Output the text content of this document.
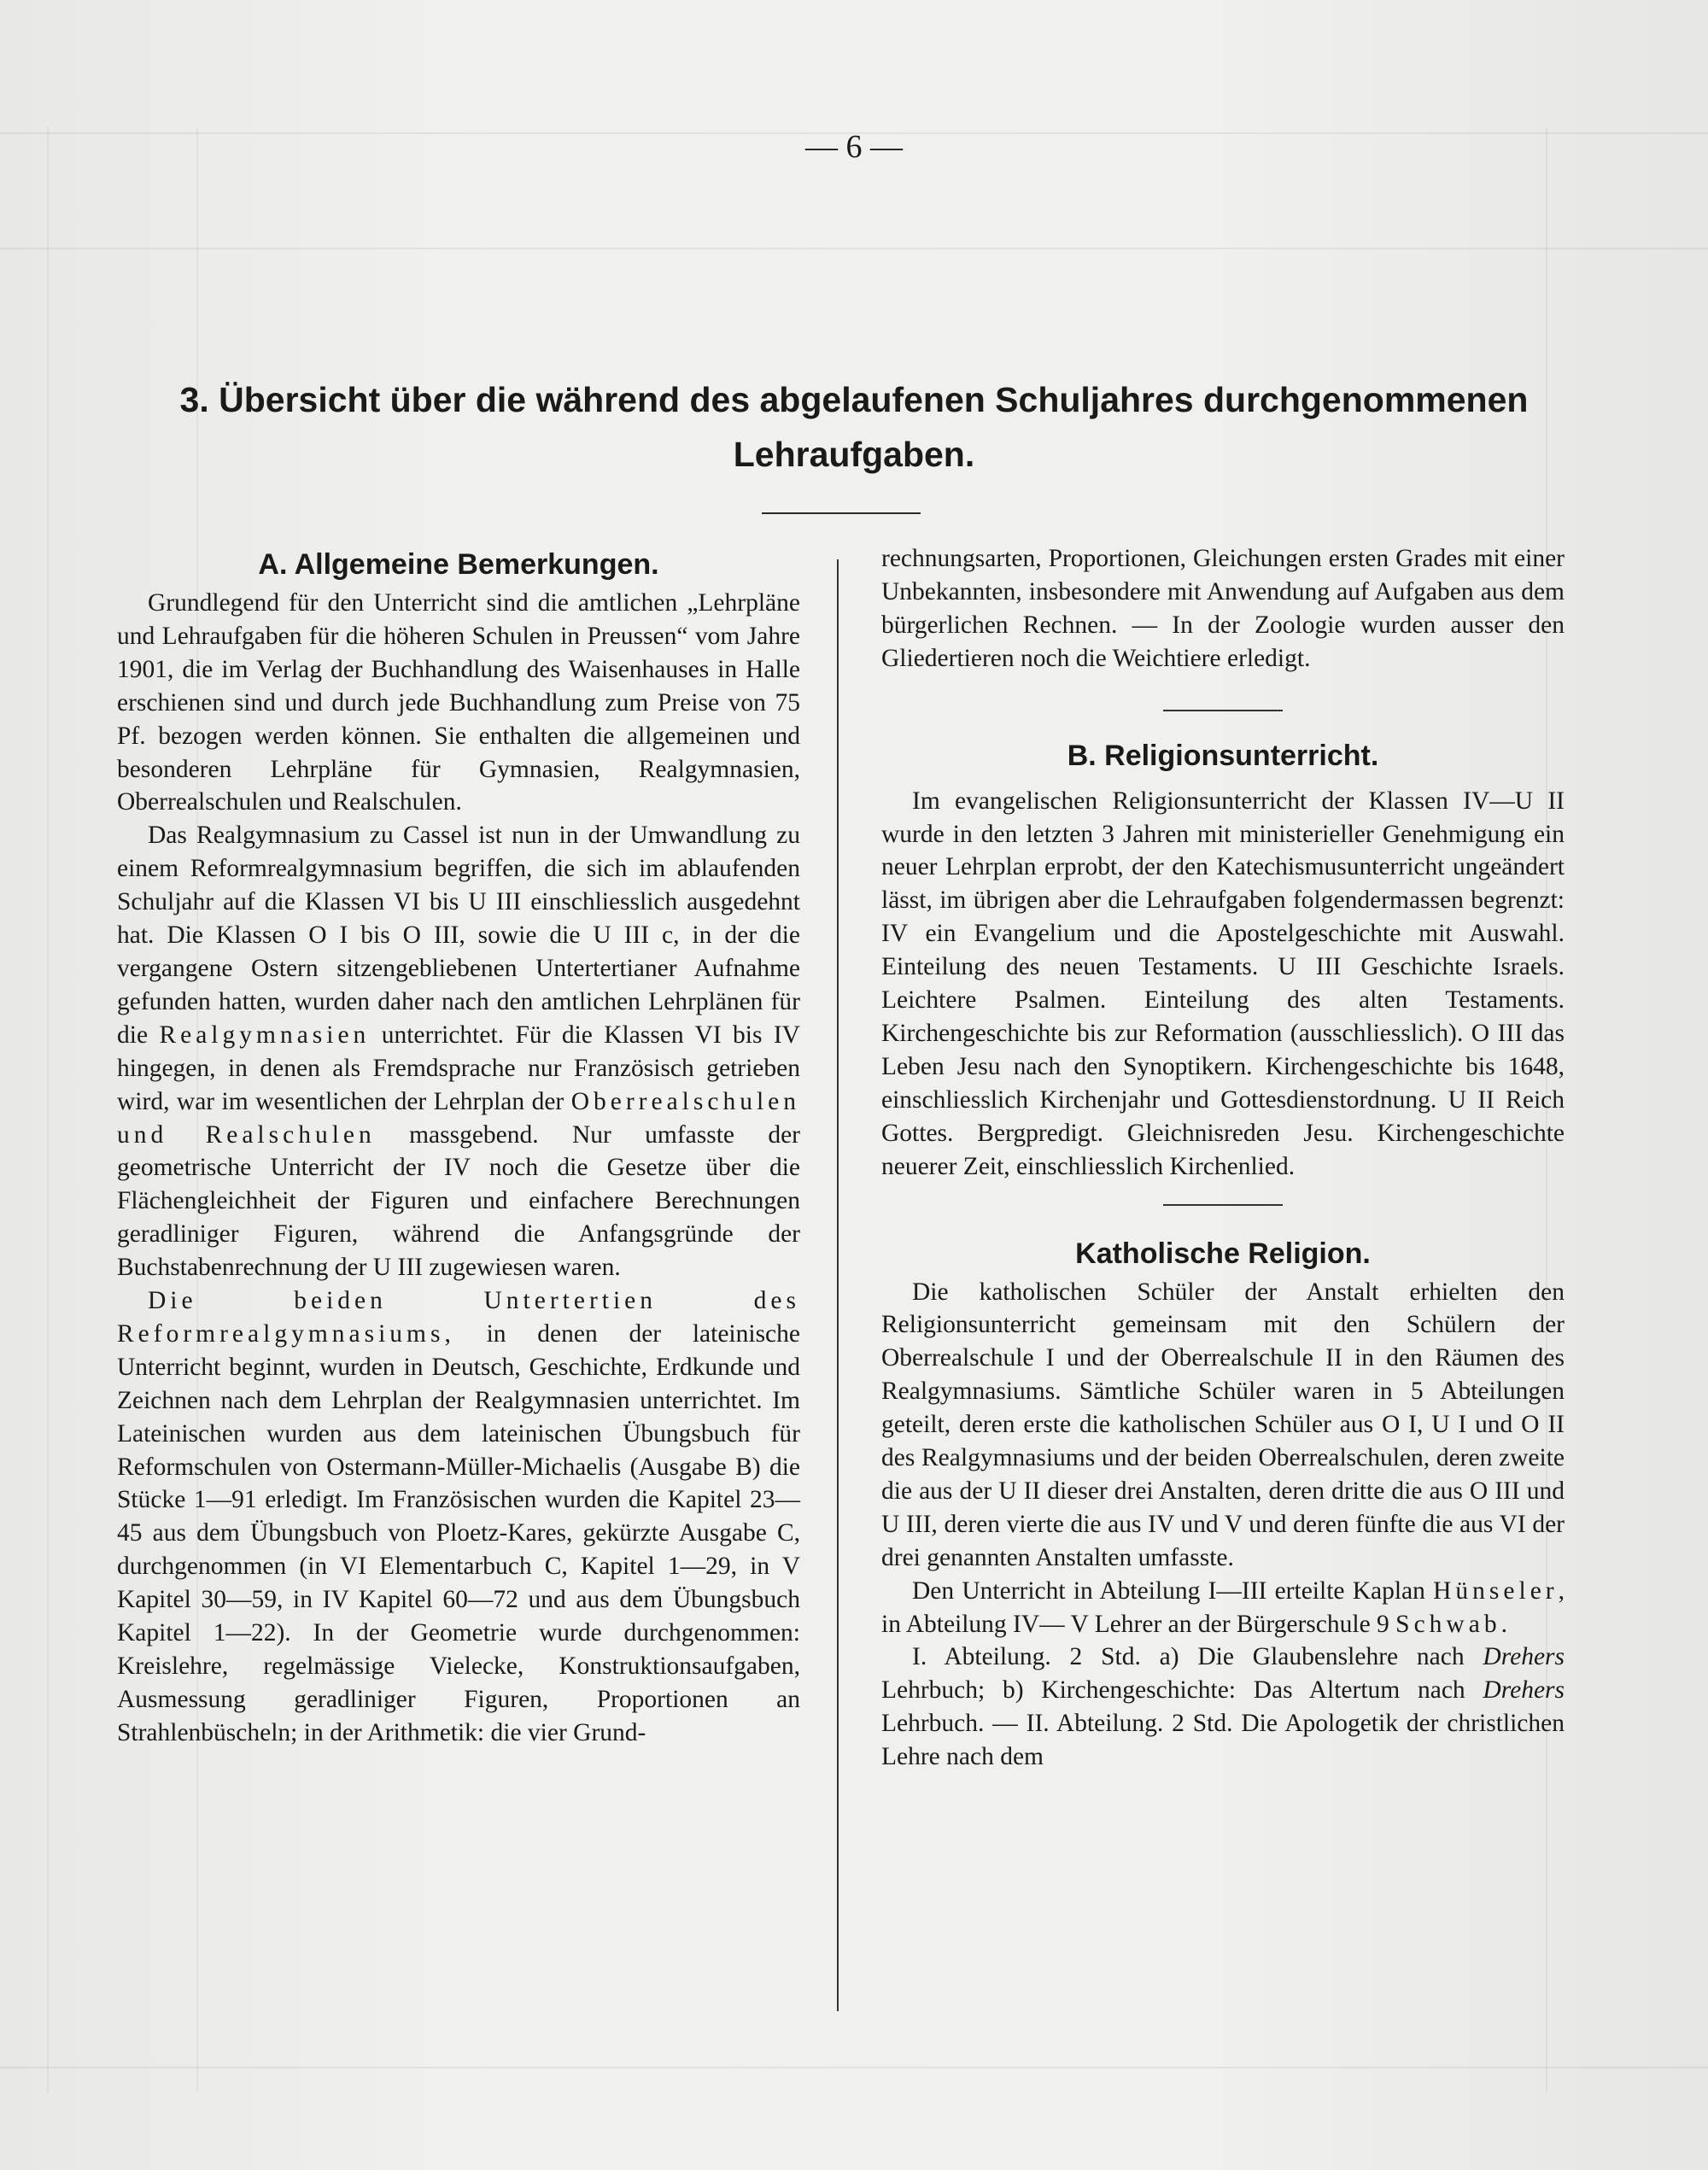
— 6 —
3. Übersicht über die während des abgelaufenen Schuljahres durchgenommenen Lehraufgaben.
A. Allgemeine Bemerkungen.

Grundlegend für den Unterricht sind die amtlichen „Lehrpläne und Lehraufgaben für die höheren Schulen in Preussen“ vom Jahre 1901, die im Verlag der Buchhandlung des Waisenhauses in Halle erschienen sind und durch jede Buchhandlung zum Preise von 75 Pf. bezogen werden können. Sie enthalten die allgemeinen und besonderen Lehrpläne für Gymnasien, Realgymnasien, Oberrealschulen und Realschulen.

Das Realgymnasium zu Cassel ist nun in der Umwandlung zu einem Reformrealgymnasium begriffen, die sich im ablaufenden Schuljahr auf die Klassen VI bis U III einschliesslich ausgedehnt hat. Die Klassen O I bis O III, sowie die U III c, in der die vergangene Ostern sitzengebliebenen Untertertianer Aufnahme gefunden hatten, wurden daher nach den amtlichen Lehrplänen für die Realgymnasien unterrichtet. Für die Klassen VI bis IV hingegen, in denen als Fremdsprache nur Französisch getrieben wird, war im wesentlichen der Lehrplan der Oberrealschulen und Realschulen massgebend. Nur umfasste der geometrische Unterricht der IV noch die Gesetze über die Flächengleichheit der Figuren und einfachere Berechnungen geradliniger Figuren, während die Anfangsgründe der Buchstabenrechnung der U III zugewiesen waren.

Die beiden Untertertien des Reformrealgymnasiums, in denen der lateinische Unterricht beginnt, wurden in Deutsch, Geschichte, Erdkunde und Zeichnen nach dem Lehrplan der Realgymnasien unterrichtet. Im Lateinischen wurden aus dem lateinischen Übungsbuch für Reformschulen von Ostermann-Müller-Michaelis (Ausgabe B) die Stücke 1—91 erledigt. Im Französischen wurden die Kapitel 23—45 aus dem Übungsbuch von Ploetz-Kares, gekürzte Ausgabe C, durchgenommen (in VI Elementarbuch C, Kapitel 1—29, in V Kapitel 30—59, in IV Kapitel 60—72 und aus dem Übungsbuch Kapitel 1—22). In der Geometrie wurde durchgenommen: Kreislehre, regelmässige Vielecke, Konstruktionsaufgaben, Ausmessung geradliniger Figuren, Proportionen an Strahlenbüscheln; in der Arithmetik: die vier Grund-

rechnungsarten, Proportionen, Gleichungen ersten Grades mit einer Unbekannten, insbesondere mit Anwendung auf Aufgaben aus dem bürgerlichen Rechnen. — In der Zoologie wurden ausser den Gliedertieren noch die Weichtiere erledigt.

B. Religionsunterricht.

Im evangelischen Religionsunterricht der Klassen IV—U II wurde in den letzten 3 Jahren mit ministerieller Genehmigung ein neuer Lehrplan erprobt, der den Katechismusunterricht ungeändert lässt, im übrigen aber die Lehraufgaben folgendermassen begrenzt: IV ein Evangelium und die Apostelgeschichte mit Auswahl. Einteilung des neuen Testaments. U III Geschichte Israels. Leichtere Psalmen. Einteilung des alten Testaments. Kirchengeschichte bis zur Reformation (ausschliesslich). O III das Leben Jesu nach den Synoptikern. Kirchengeschichte bis 1648, einschliesslich Kirchenjahr und Gottesdienstordnung. U II Reich Gottes. Bergpredigt. Gleichnisreden Jesu. Kirchengeschichte neuerer Zeit, einschliesslich Kirchenlied.

Katholische Religion.

Die katholischen Schüler der Anstalt erhielten den Religionsunterricht gemeinsam mit den Schülern der Oberrealschule I und der Oberrealschule II in den Räumen des Realgymnasiums. Sämtliche Schüler waren in 5 Abteilungen geteilt, deren erste die katholischen Schüler aus O I, U I und O II des Realgymnasiums und der beiden Oberrealschulen, deren zweite die aus der U II dieser drei Anstalten, deren dritte die aus O III und U III, deren vierte die aus IV und V und deren fünfte die aus VI der drei genannten Anstalten umfasste.

Den Unterricht in Abteilung I—III erteilte Kaplan Hünseler, in Abteilung IV— V Lehrer an der Bürgerschule 9 Schwab.

I. Abteilung. 2 Std. a) Die Glaubenslehre nach Drehers Lehrbuch; b) Kirchengeschichte: Das Altertum nach Drehers Lehrbuch. — II. Abteilung. 2 Std. Die Apologetik der christlichen Lehre nach dem
